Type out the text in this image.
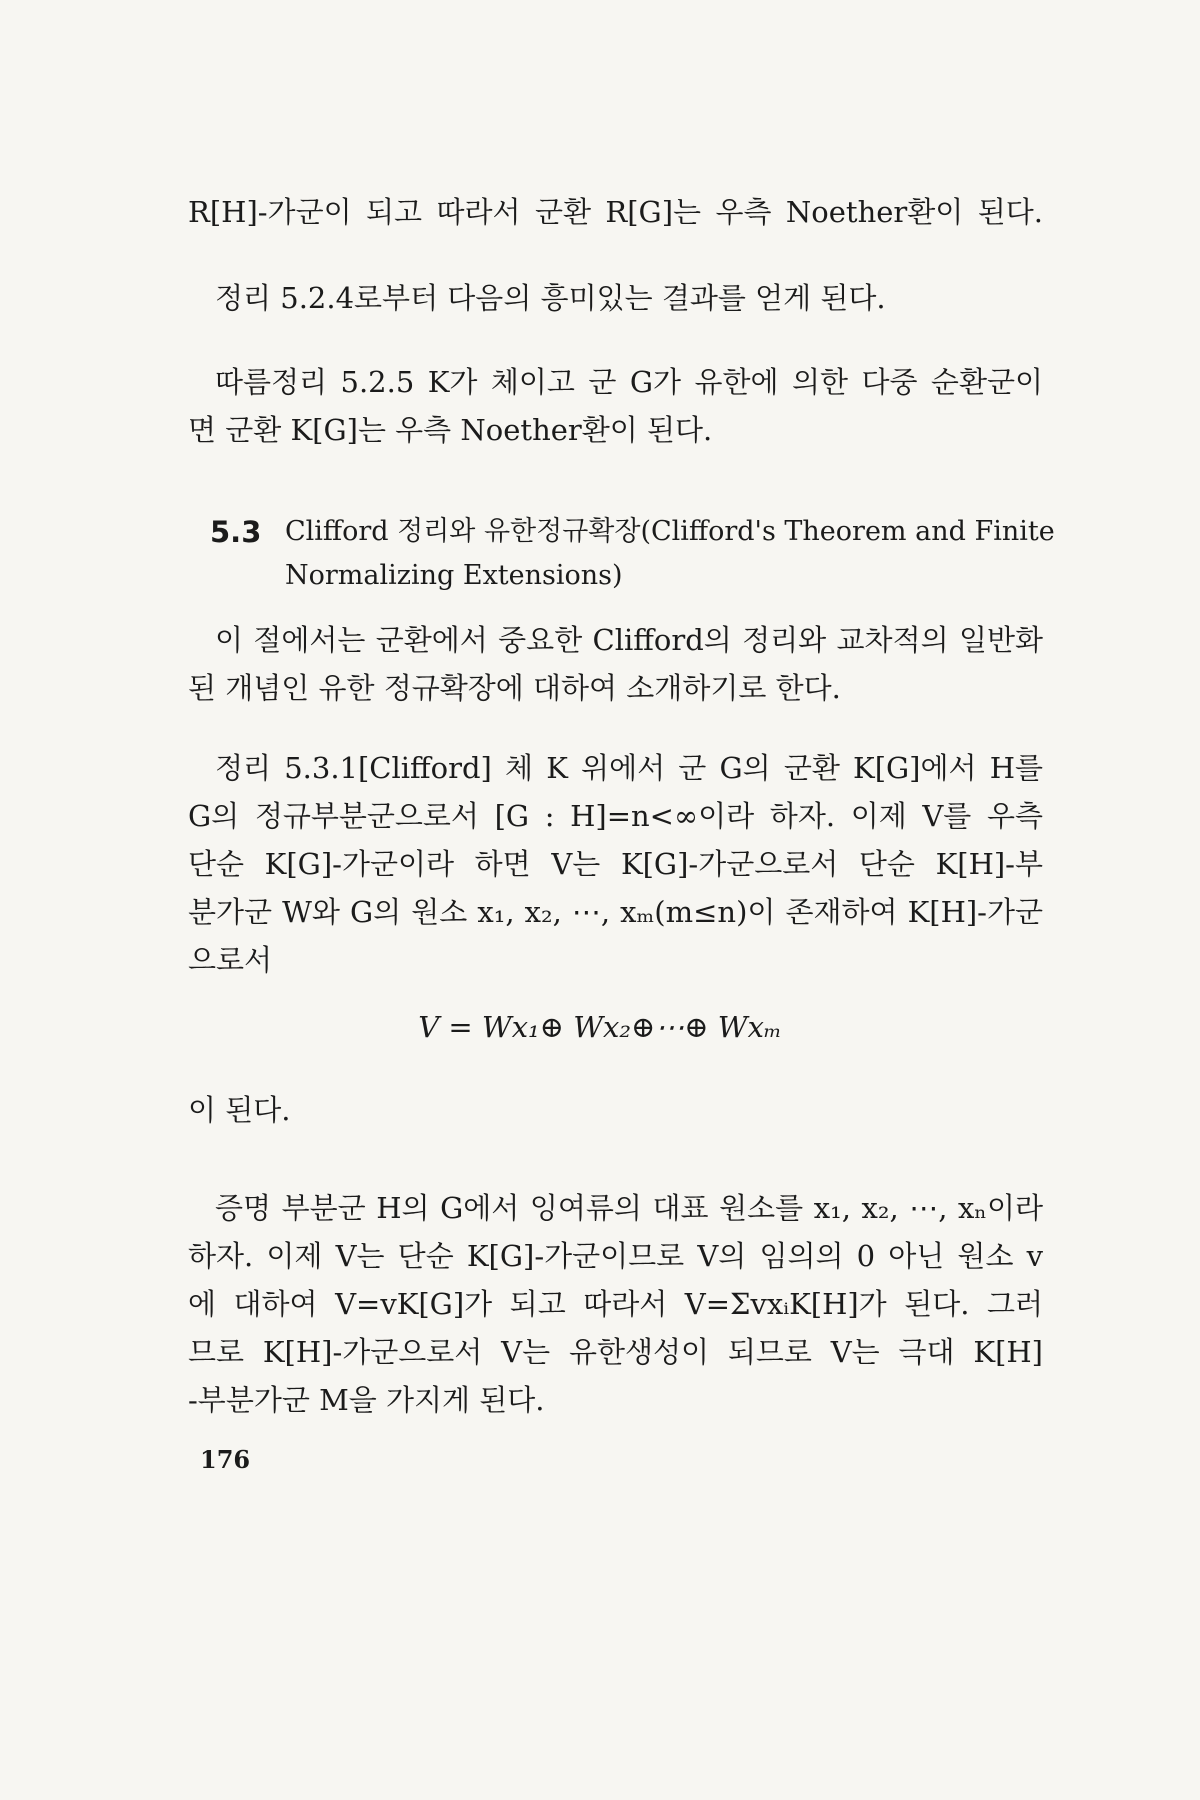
R[H]-가군이 되고 따라서 군환 R[G]는 우측 Noether환이 된다.
정리 5.2.4로부터 다음의 흥미있는 결과를 얻게 된다.
따름정리 5.2.5 K가 체이고 군 G가 유한에 의한 다중 순환군이
면 군환 K[G]는 우측 Noether환이 된다.
5.3 Clifford 정리와 유한정규확장(Clifford's Theorem and Finite
Normalizing Extensions)
이 절에서는 군환에서 중요한 Clifford의 정리와 교차적의 일반화
된 개념인 유한 정규확장에 대하여 소개하기로 한다.
정리 5.3.1[Clifford] 체 K 위에서 군 G의 군환 K[G]에서 H를
G의 정규부분군으로서 [G : H]=n<∞이라 하자. 이제 V를 우측
단순 K[G]-가군이라 하면 V는 K[G]-가군으로서 단순 K[H]-부
분가군 W와 G의 원소 x₁, x₂, ⋯, xₘ(m≤n)이 존재하여 K[H]-가군
으로서
V = Wx₁⊕ Wx₂⊕⋯⊕ Wxₘ
이 된다.
증명 부분군 H의 G에서 잉여류의 대표 원소를 x₁, x₂, ⋯, xₙ이라
하자. 이제 V는 단순 K[G]-가군이므로 V의 임의의 0 아닌 원소 v
에 대하여 V=vK[G]가 되고 따라서 V=ΣvxᵢK[H]가 된다. 그러
므로 K[H]-가군으로서 V는 유한생성이 되므로 V는 극대 K[H]
-부분가군 M을 가지게 된다.
176
